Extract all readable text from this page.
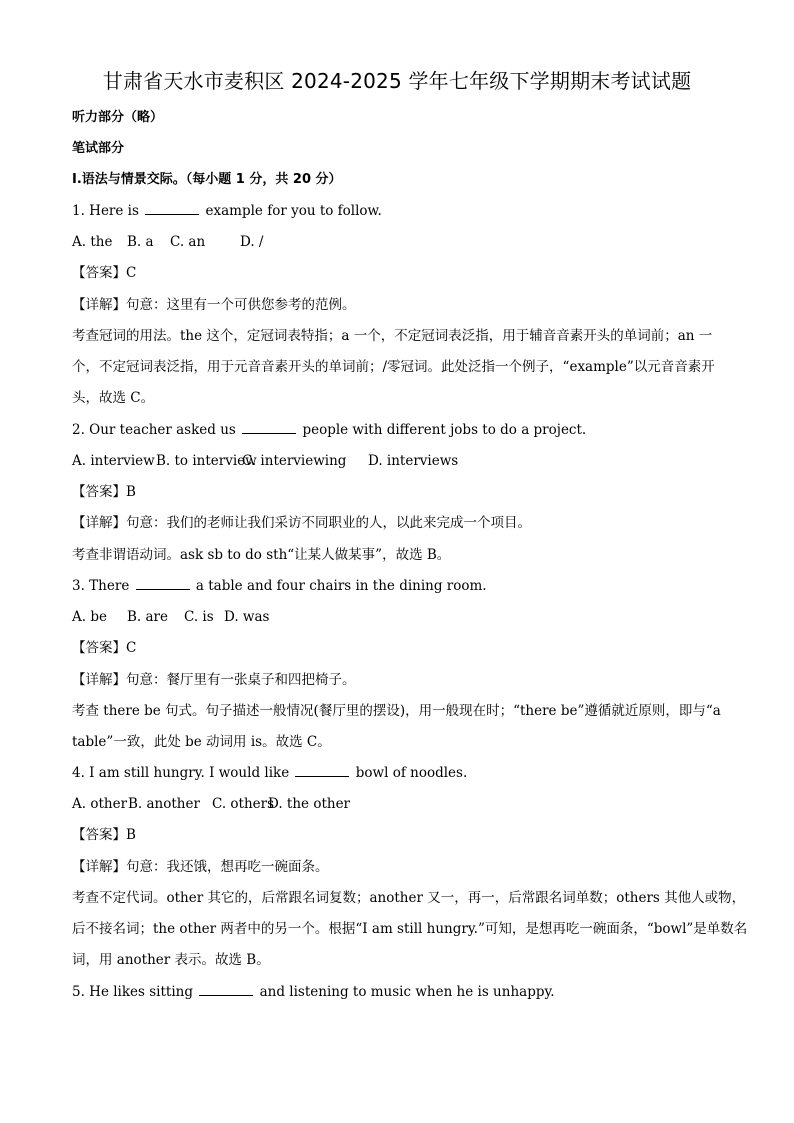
甘肃省天水市麦积区 2024-2025 学年七年级下学期期末考试试题
听力部分（略）
笔试部分
Ⅰ.语法与情景交际。（每小题 1 分，共 20 分）
1. Here is	example for you to follow.
A. the B. a C. an	D. /
【答案】C
【详解】句意：这里有一个可供您参考的范例。
考查冠词的用法。the 这个，定冠词表特指；a 一个，不定冠词表泛指，用于辅音音素开头的单词前；an 一
个，不定冠词表泛指，用于元音音素开头的单词前；/零冠词。此处泛指一个例子，“example”以元音音素开
头，故选 C。
2. Our teacher asked us	people with different jobs to do a project.
A. interviewB. to interviewC. interviewing D. interviews
【答案】B
【详解】句意：我们的老师让我们采访不同职业的人，以此来完成一个项目。
考查非谓语动词。ask sb to do sth“让某人做某事”，故选 B。
3. There	a table and four chairs in the dining room.
A. be B. are C. is D. was
【答案】C
【详解】句意：餐厅里有一张桌子和四把椅子。
考查 there be 句式。句子描述一般情况(餐厅里的摆设)，用一般现在时；“there be”遵循就近原则，即与“a
table”一致，此处 be 动词用 is。故选 C。
4. I am still hungry. I would like	bowl of noodles.
A. otherB. another C. othersD. the other
【答案】B
【详解】句意：我还饿，想再吃一碗面条。
考查不定代词。other 其它的，后常跟名词复数；another 又一，再一，后常跟名词单数；others 其他人或物，
后不接名词；the other 两者中的另一个。根据“I am still hungry.”可知，是想再吃一碗面条，“bowl”是单数名
词，用 another 表示。故选 B。
5. He likes sitting	and listening to music when he is unhappy.
